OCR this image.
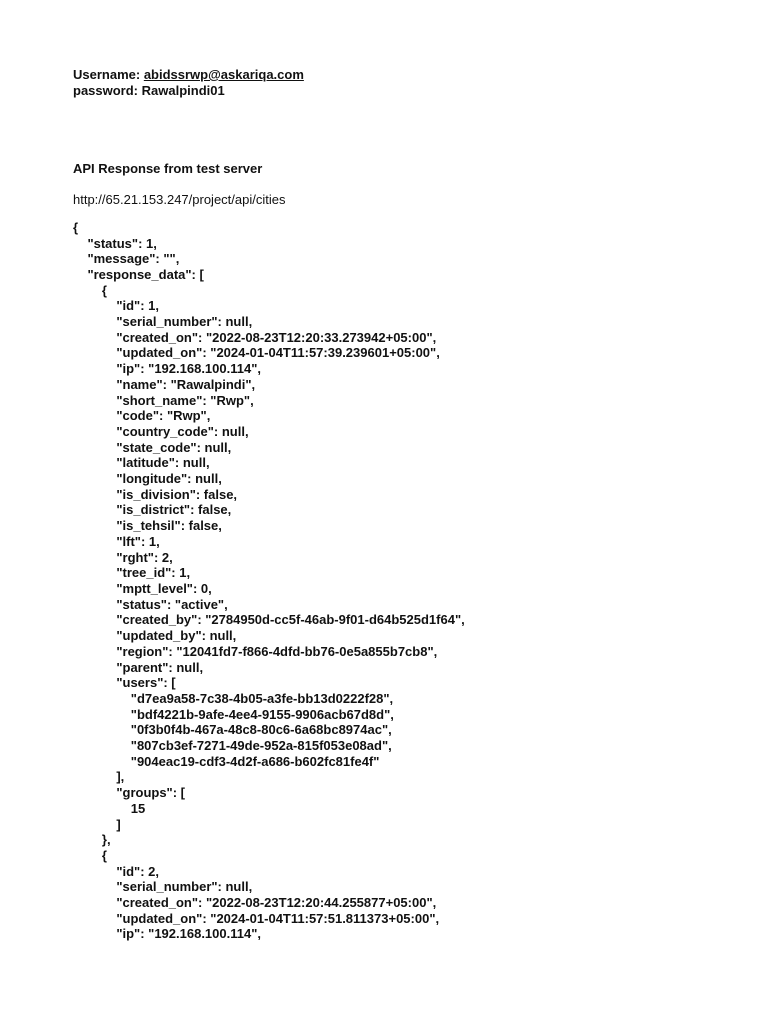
Username: abidssrwp@askariqa.com
password: Rawalpindi01
API Response from test server
http://65.21.153.247/project/api/cities
{
"status": 1,
"message": "",
"response_data": [
{
"id": 1,
"serial_number": null,
"created_on": "2022-08-23T12:20:33.273942+05:00",
"updated_on": "2024-01-04T11:57:39.239601+05:00",
"ip": "192.168.100.114",
"name": "Rawalpindi",
"short_name": "Rwp",
"code": "Rwp",
"country_code": null,
"state_code": null,
"latitude": null,
"longitude": null,
"is_division": false,
"is_district": false,
"is_tehsil": false,
"lft": 1,
"rght": 2,
"tree_id": 1,
"mptt_level": 0,
"status": "active",
"created_by": "2784950d-cc5f-46ab-9f01-d64b525d1f64",
"updated_by": null,
"region": "12041fd7-f866-4dfd-bb76-0e5a855b7cb8",
"parent": null,
"users": [
"d7ea9a58-7c38-4b05-a3fe-bb13d0222f28",
"bdf4221b-9afe-4ee4-9155-9906acb67d8d",
"0f3b0f4b-467a-48c8-80c6-6a68bc8974ac",
"807cb3ef-7271-49de-952a-815f053e08ad",
"904eac19-cdf3-4d2f-a686-b602fc81fe4f"
],
"groups": [
15
]
},
{
"id": 2,
"serial_number": null,
"created_on": "2022-08-23T12:20:44.255877+05:00",
"updated_on": "2024-01-04T11:57:51.811373+05:00",
"ip": "192.168.100.114",
